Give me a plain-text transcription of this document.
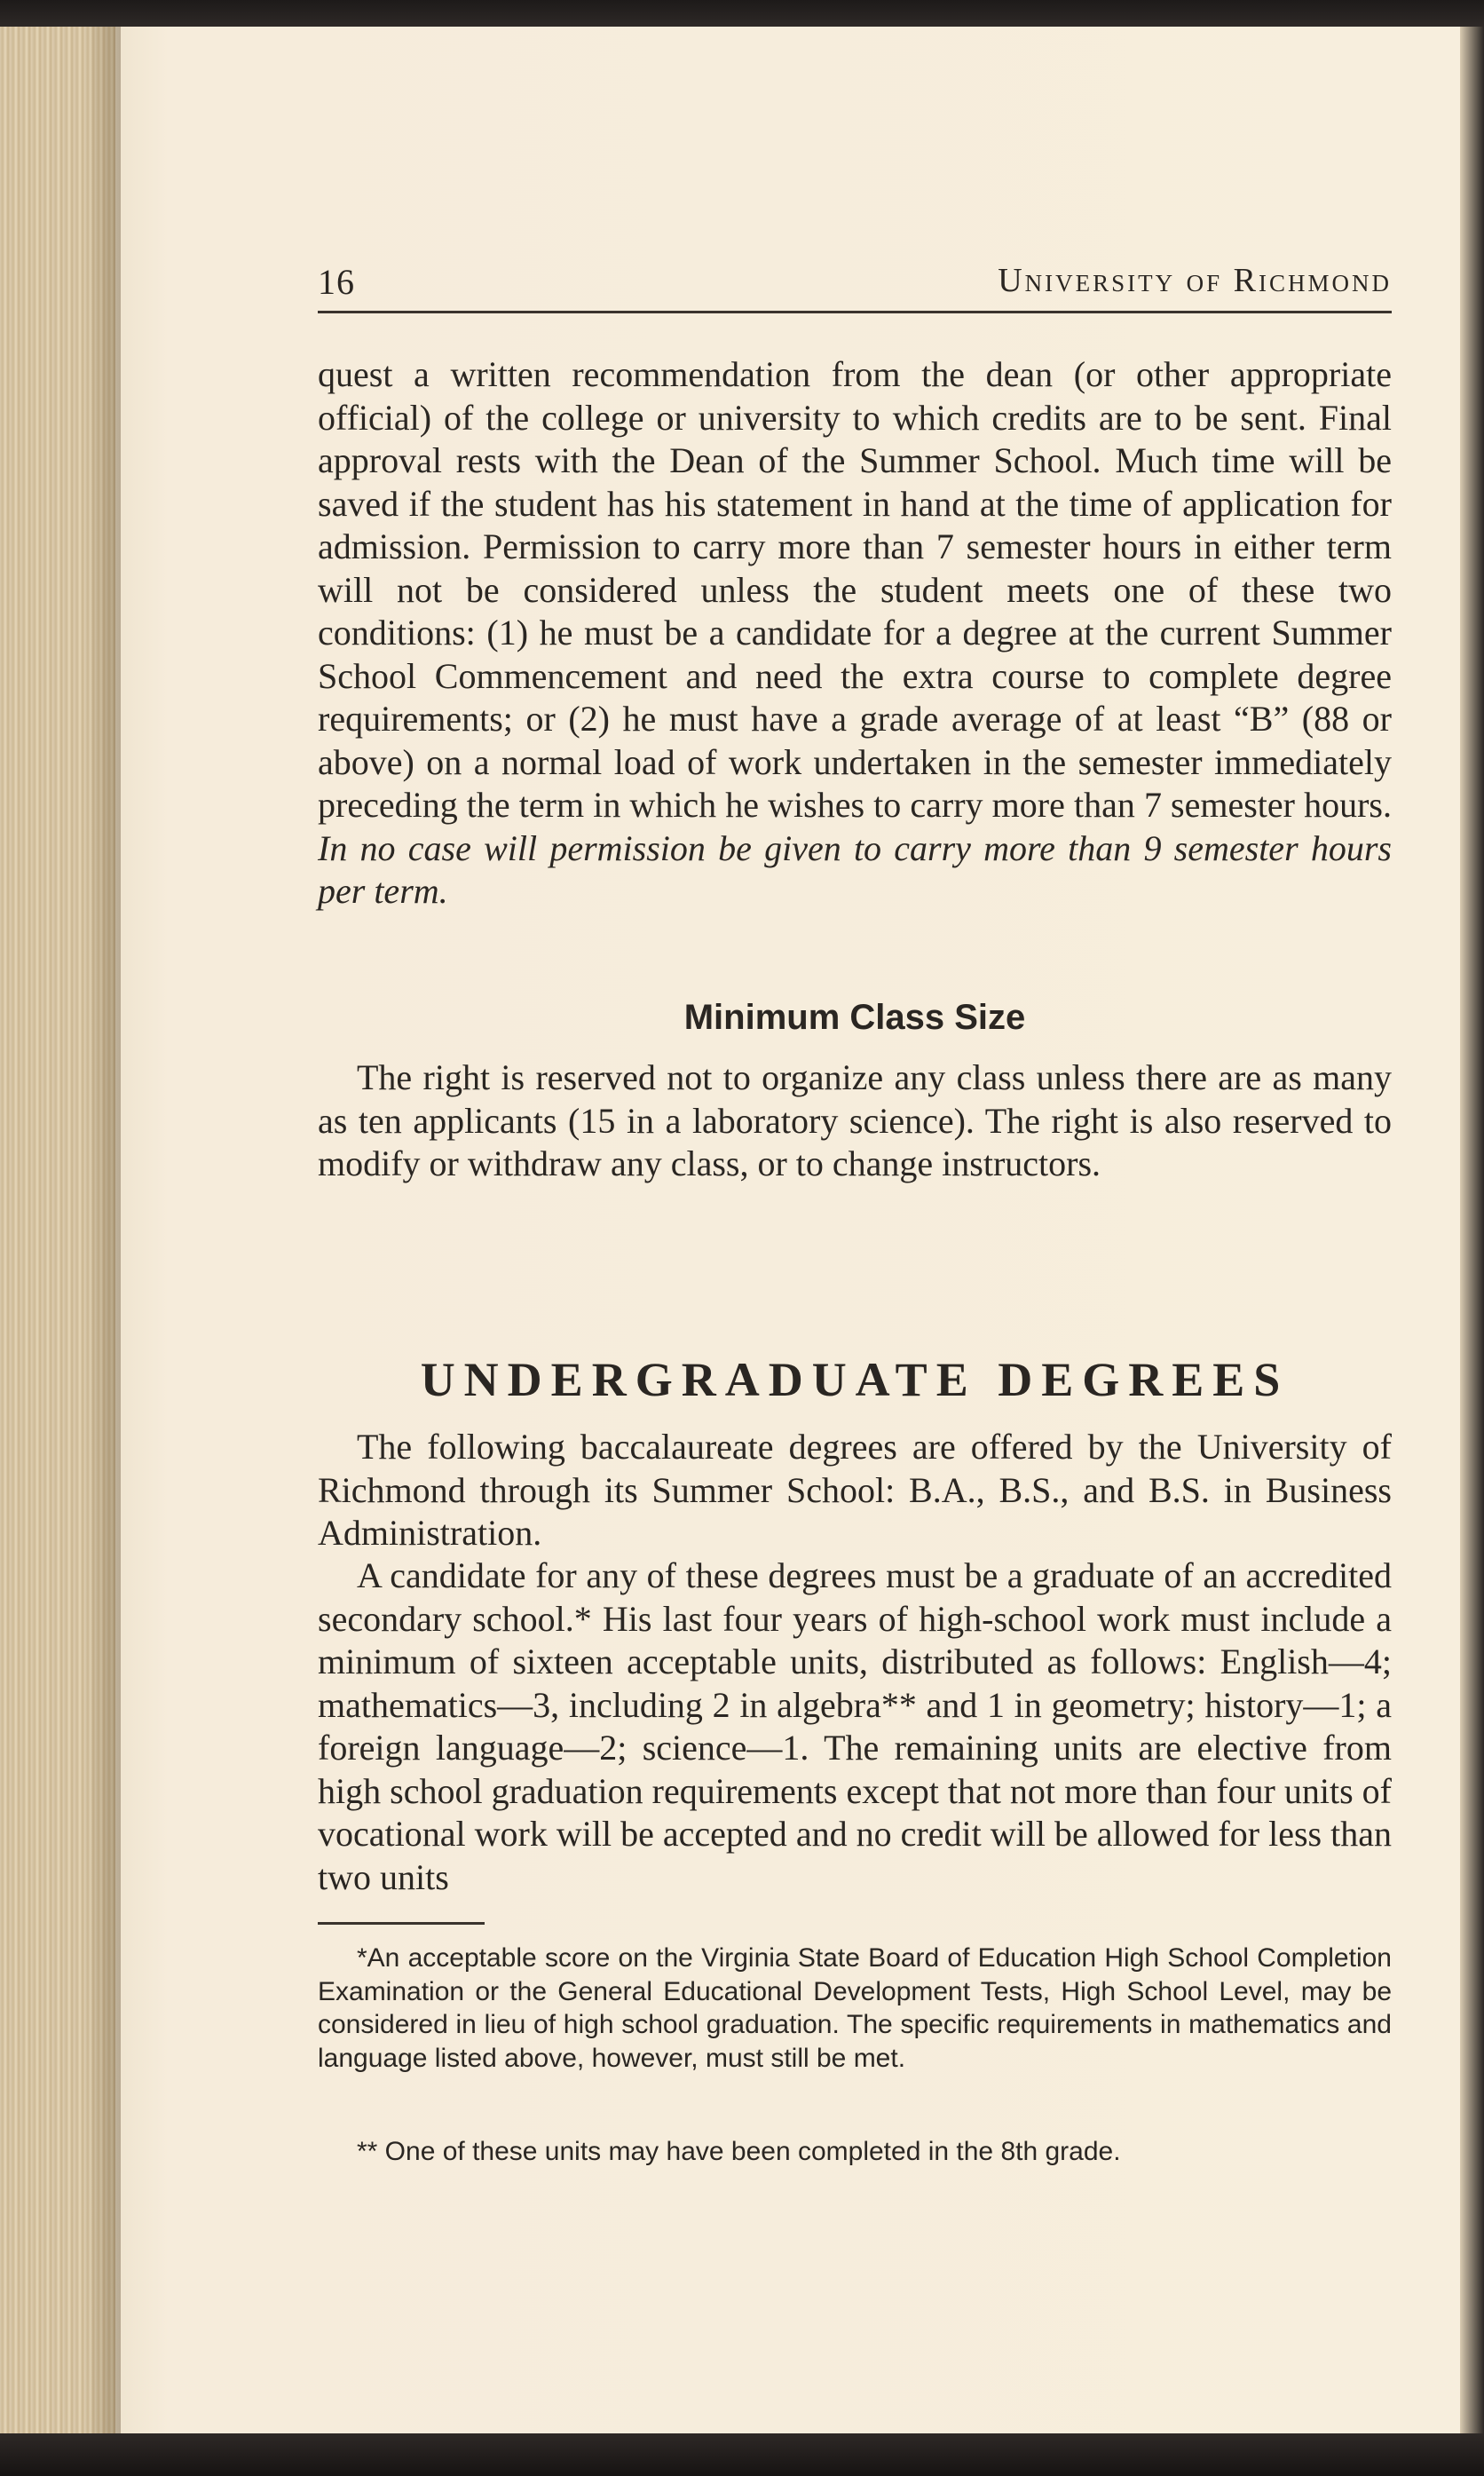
16	University of Richmond

quest a written recommendation from the dean (or other appropriate official) of the college or university to which credits are to be sent. Final approval rests with the Dean of the Summer School. Much time will be saved if the student has his statement in hand at the time of application for admission. Permission to carry more than 7 semester hours in either term will not be considered unless the student meets one of these two conditions: (1) he must be a candidate for a degree at the current Summer School Commencement and need the extra course to complete degree requirements; or (2) he must have a grade average of at least “B” (88 or above) on a normal load of work undertaken in the semester immediately preceding the term in which he wishes to carry more than 7 semester hours. In no case will permission be given to carry more than 9 semester hours per term.

Minimum Class Size

The right is reserved not to organize any class unless there are as many as ten applicants (15 in a laboratory science). The right is also reserved to modify or withdraw any class, or to change instructors.

UNDERGRADUATE DEGREES

The following baccalaureate degrees are offered by the University of Richmond through its Summer School: B.A., B.S., and B.S. in Business Administration.

A candidate for any of these degrees must be a graduate of an accredited secondary school.* His last four years of high-school work must include a minimum of sixteen acceptable units, distributed as follows: English—4; mathematics—3, including 2 in algebra** and 1 in geometry; history—1; a foreign language—2; science—1. The remaining units are elective from high school graduation requirements except that not more than four units of vocational work will be accepted and no credit will be allowed for less than two units

*An acceptable score on the Virginia State Board of Education High School Completion Examination or the General Educational Development Tests, High School Level, may be considered in lieu of high school graduation. The specific requirements in mathematics and language listed above, however, must still be met.

** One of these units may have been completed in the 8th grade.
